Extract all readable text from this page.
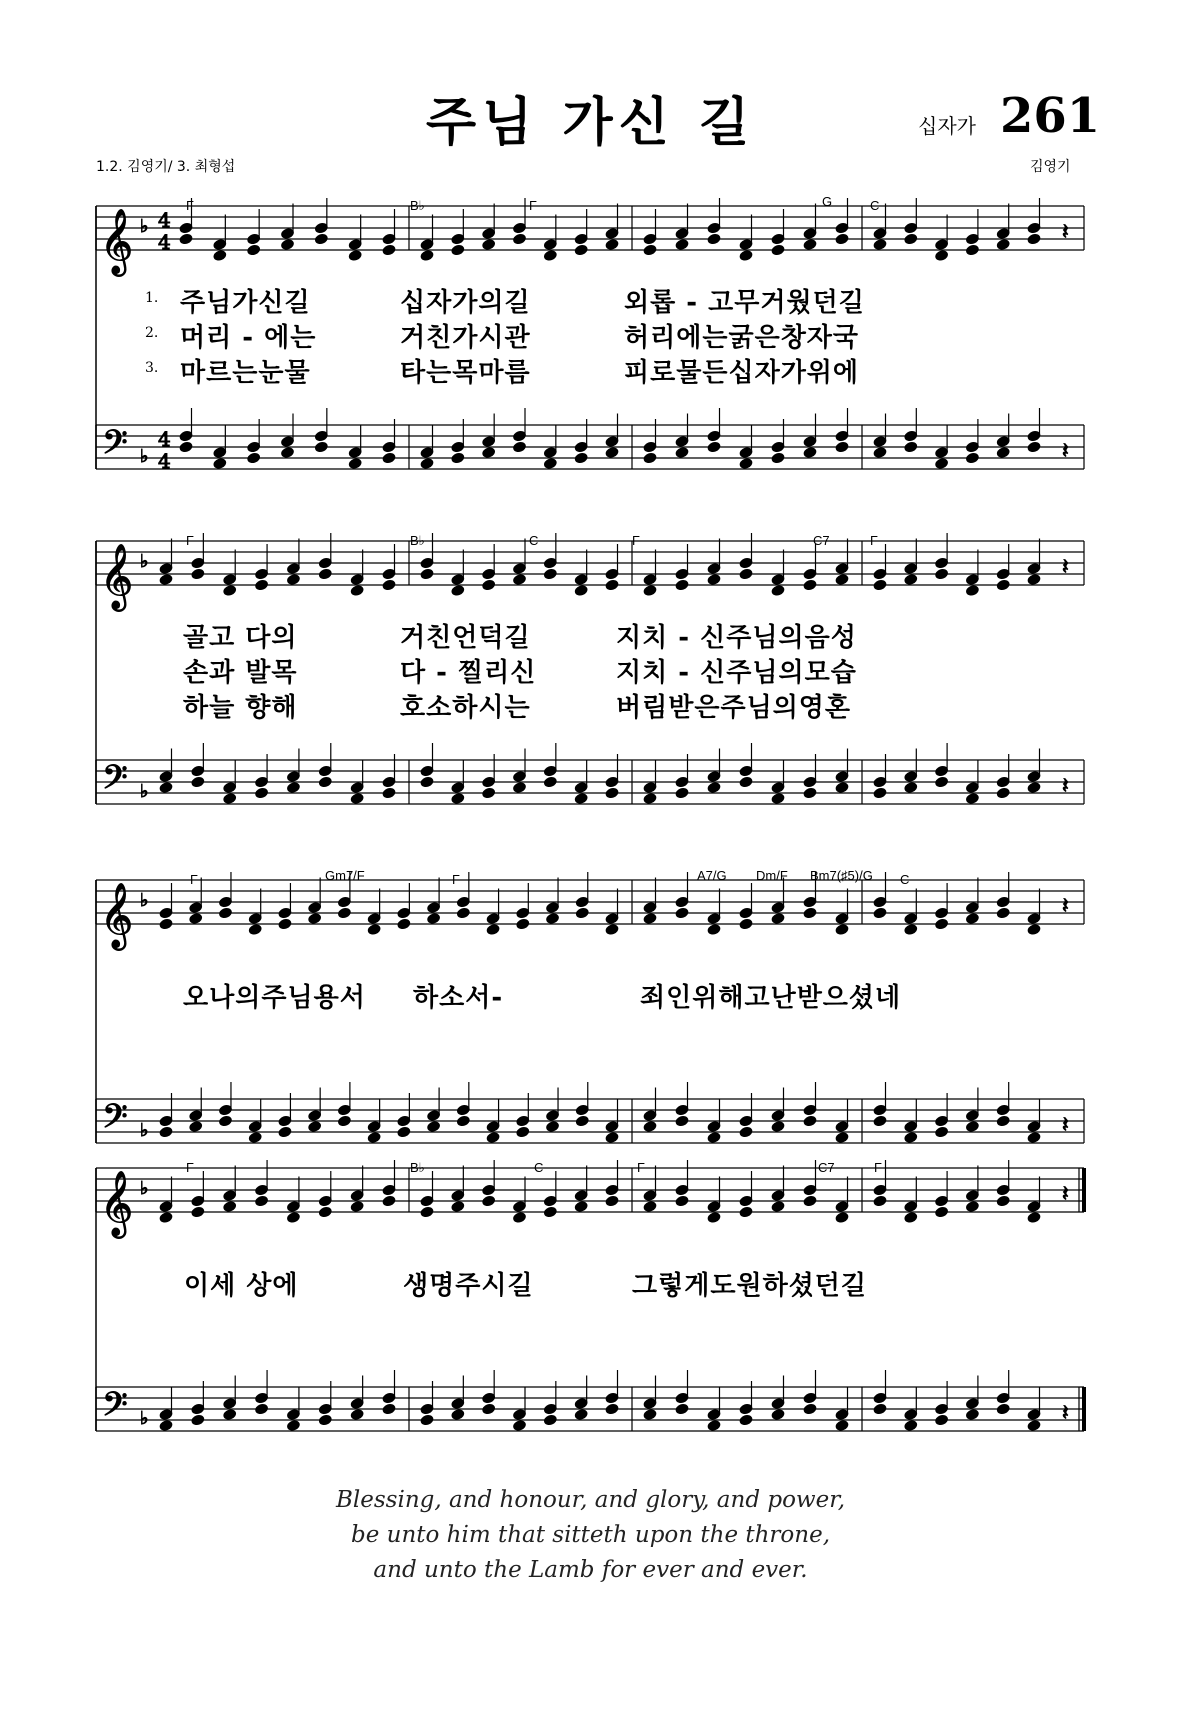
주님 가신 길	십자가 261
1.2. 김영기/ 3. 최형섭	김영기
𝄞 ♭ 4
4
𝄢 ♭
4
4
𝄽
𝄽
𝄞 ♭
𝄢 ♭
𝄽
𝄽
𝄞 ♭
𝄢 ♭
𝄽
𝄽
𝄞 ♭
𝄢 ♭
𝄽
𝄽
F	B♭	F	G	C
1.
2.
3.
주님가신길	십자가의길	외롭 - 고무거웠던길
머리 - 에는	거친가시관	허리에는굵은창자국
마르는눈물	타는목마름	피로물든십자가위에
F	B♭	C	F	C7	F
골고 다의	거친언덕길	지치 - 신주님의음성
손과 발목	다 - 찔리신	지치 - 신주님의모습
하늘 향해	호소하시는	버림받은주님의영혼
F	Gm7/F	F	A7/G Dm/F Bm7(♯5)/G C
오나의주님용서 하소서-	죄인위해고난받으셨네
F	B♭	C	F	C7	F
이세 상에	생명주시길	그렇게도원하셨던길
Blessing, and honour, and glory, and power,
be unto him that sitteth upon the throne,
and unto the Lamb for ever and ever.
